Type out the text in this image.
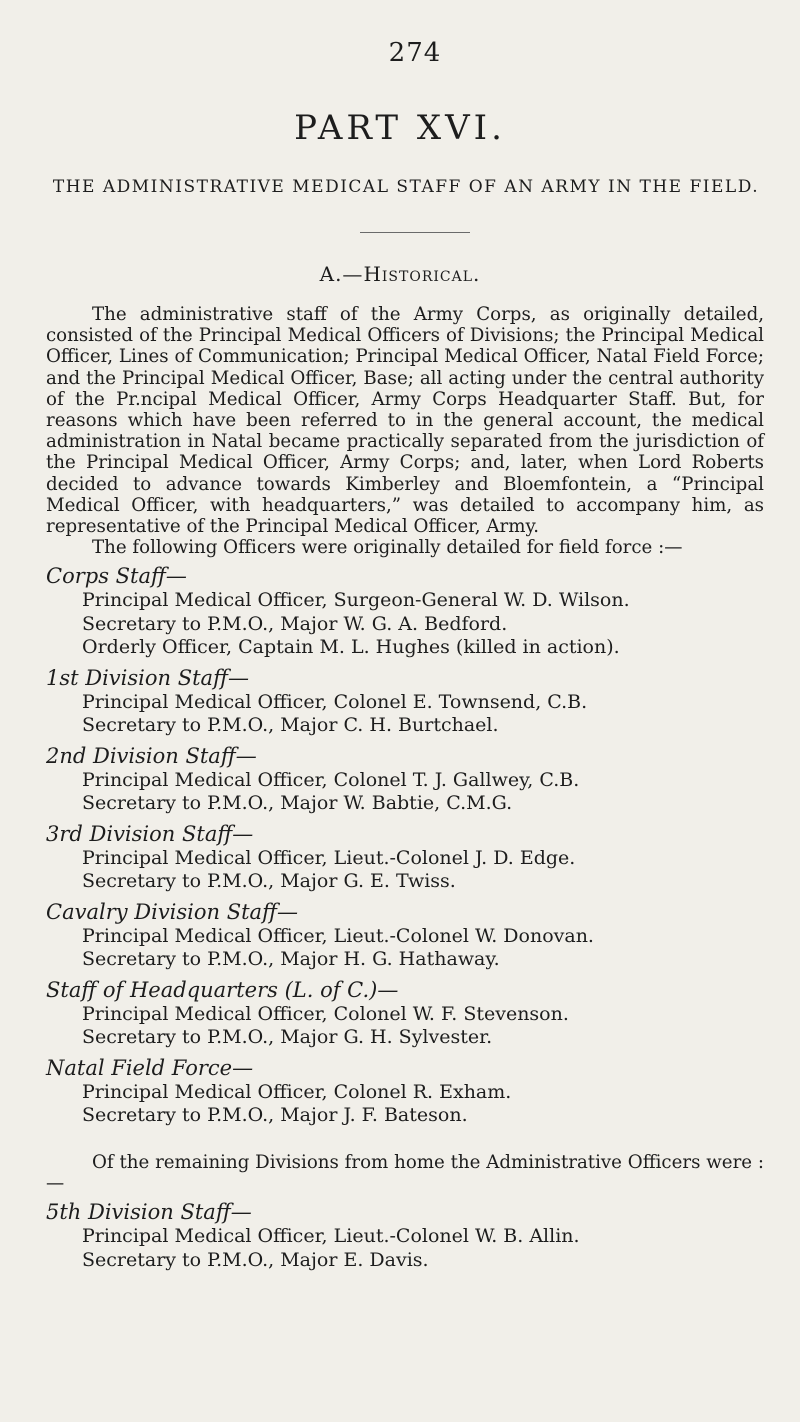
274
PART XVI.
THE ADMINISTRATIVE MEDICAL STAFF OF AN ARMY IN THE FIELD.
A.—Historical.

The administrative staff of the Army Corps, as originally detailed, consisted of the Principal Medical Officers of Divisions; the Principal Medical Officer, Lines of Communication; Principal Medical Officer, Natal Field Force; and the Principal Medical Officer, Base; all acting under the central authority of the Pr.ncipal Medical Officer, Army Corps Headquarter Staff. But, for reasons which have been referred to in the general account, the medical administration in Natal became practically separated from the jurisdiction of the Principal Medical Officer, Army Corps; and, later, when Lord Roberts decided to advance towards Kimberley and Bloemfontein, a “Principal Medical Officer, with headquarters,” was detailed to accompany him, as representative of the Principal Medical Officer, Army.

The following Officers were originally detailed for field force :—

Corps Staff—
Principal Medical Officer, Surgeon-General W. D. Wilson.
Secretary to P.M.O., Major W. G. A. Bedford.
Orderly Officer, Captain M. L. Hughes (killed in action).
1st Division Staff—
Principal Medical Officer, Colonel E. Townsend, C.B.
Secretary to P.M.O., Major C. H. Burtchael.
2nd Division Staff—
Principal Medical Officer, Colonel T. J. Gallwey, C.B.
Secretary to P.M.O., Major W. Babtie, C.M.G.
3rd Division Staff—
Principal Medical Officer, Lieut.-Colonel J. D. Edge.
Secretary to P.M.O., Major G. E. Twiss.
Cavalry Division Staff—
Principal Medical Officer, Lieut.-Colonel W. Donovan.
Secretary to P.M.O., Major H. G. Hathaway.
Staff of Headquarters (L. of C.)—
Principal Medical Officer, Colonel W. F. Stevenson.
Secretary to P.M.O., Major G. H. Sylvester.
Natal Field Force—
Principal Medical Officer, Colonel R. Exham.
Secretary to P.M.O., Major J. F. Bateson.

Of the remaining Divisions from home the Administrative Officers were :—

5th Division Staff—
Principal Medical Officer, Lieut.-Colonel W. B. Allin.
Secretary to P.M.O., Major E. Davis.
